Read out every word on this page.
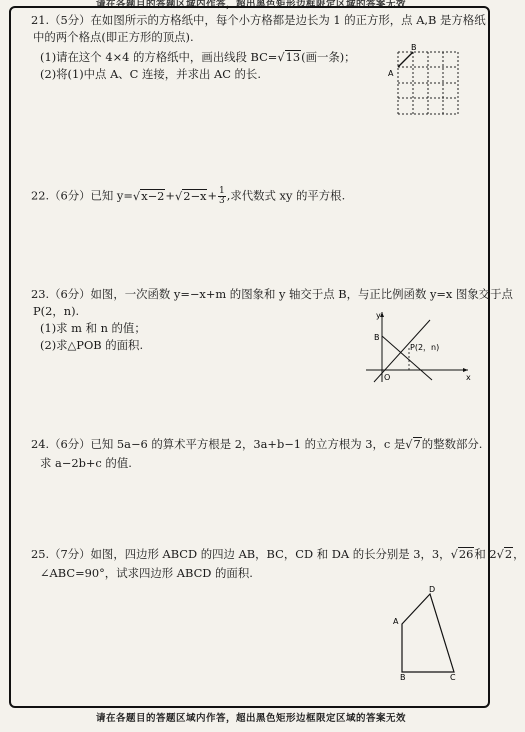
请在各题目的答题区域内作答，超出黑色矩形边框限定区域的答案无效
21.（5分）在如图所示的方格纸中，每个小方格都是边长为 1 的正方形，点 A,B 是方格纸
中的两个格点(即正方形的顶点).
(1)请在这个 4×4 的方格纸中，画出线段 BC=√13(画一条)；
(2)将(1)中点 A、C 连接，并求出 AC 的长.	A
B
22.（6分）已知 $y=√x-2+√2-x+ \frac{1}{3}$ ,求代数式 xy 的平方根.
23.（6分）如图，一次函数 y=−x+m 的图象和 y 轴交于点 B，与正比例函数 y=x 图象交于点
P(2，n).
(1)求 m 和 n 的值；
(2)求△POB 的面积.
y
x
B
O
P(2，n)
24.（6分）已知 5a−6 的算术平方根是 2，3a+b−1 的立方根为 3，c 是√7的整数部分.
求 a−2b+c 的值.
25.（7分）如图，四边形 ABCD 的四边 AB，BC，CD 和 DA 的长分别是 3，3，√26和 2√2，
∠ABC=90°，试求四边形 ABCD 的面积.
A
B	C
D
请在各题目的答题区域内作答，超出黑色矩形边框限定区域的答案无效
